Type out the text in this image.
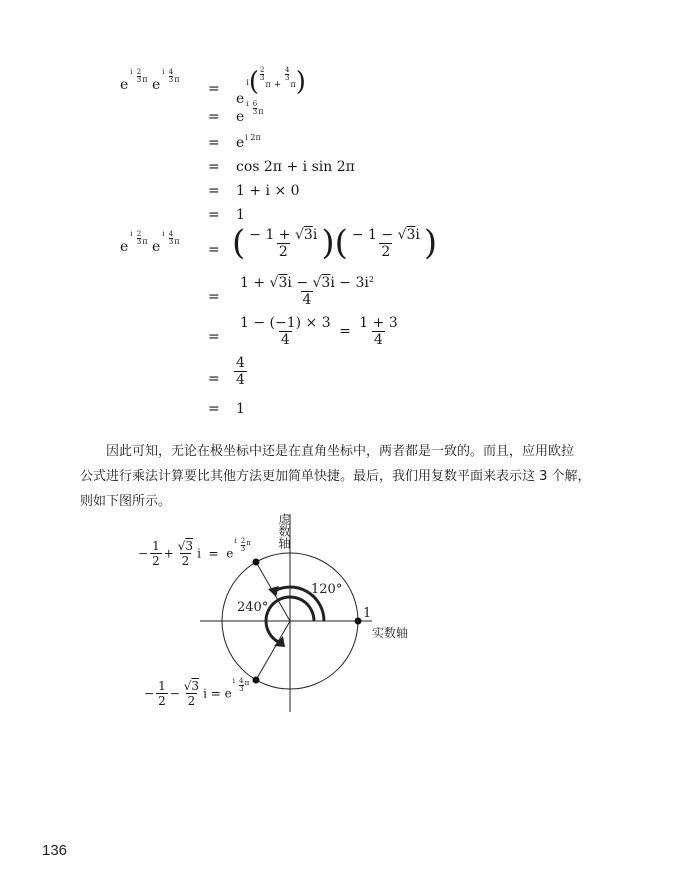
ei $\frac{2}{3} ^\pi$ ei $\frac{4}{3} ^\pi$
=
$e^i( \frac{2}{3}$
$^\pi$ +
$\frac{4}{3}$
$^\pi$)
= ei $\frac{6}{3} ^\pi$
= $e^{i 2\pi}$
= cos 2π + i sin 2π
= 1 + i × 0
= 1
ei $\frac{2}{3} ^\pi$ ei $\frac{4}{3} ^\pi$
= ( $\frac{- 1 + √3i}{2}$ )( $\frac{- 1 - √3i}{2}$ )
= $\frac{1 + √3i - √3i - 3i^2}{4}$
= $\frac{1 - (-1) \times 3}{4} = \frac{1 + 3}{4}$
= $\frac{4}{4}$
= 1

因此可知，无论在极坐标中还是在直角坐标中，两者都是一致的。而且，应用欧拉

公式进行乘法计算要比其他方法更加简单快捷。最后，我们用复数平面来表示这 3 个解，

则如下图所示。

虚数轴
实数轴
120°
240°	1
− $\frac{1}{2} + \frac{√3}{2}$ i  =  ei $\frac{2}{3} ^\pi$
− $\frac{1}{2} - \frac{√3}{2}$ i = ei $\frac{4}{3} ^\pi$
136
